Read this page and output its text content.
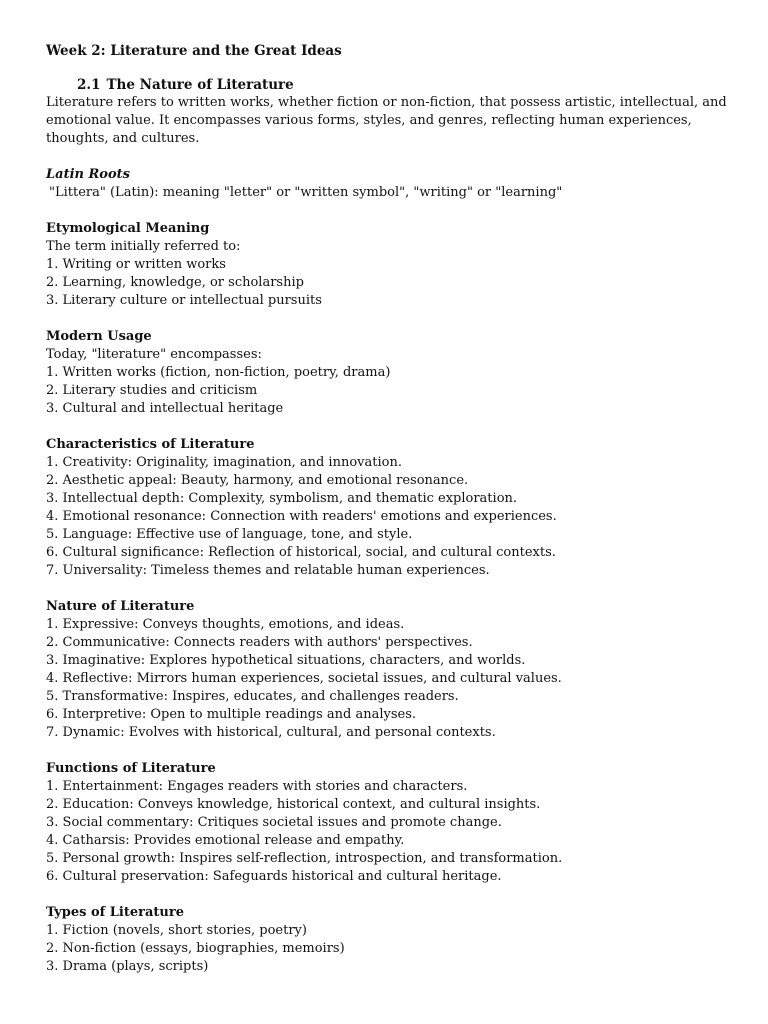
Week 2: Literature and the Great Ideas

2.1 The Nature of Literature

Literature refers to written works, whether fiction or non-fiction, that possess artistic, intellectual, and emotional value. It encompasses various forms, styles, and genres, reflecting human experiences, thoughts, and cultures.

Latin Roots

"Littera" (Latin): meaning "letter" or "written symbol", "writing" or "learning"

Etymological Meaning

The term initially referred to:

1. Writing or written works

2. Learning, knowledge, or scholarship

3. Literary culture or intellectual pursuits

Modern Usage

Today, "literature" encompasses:

1. Written works (fiction, non-fiction, poetry, drama)

2. Literary studies and criticism

3. Cultural and intellectual heritage

Characteristics of Literature

1. Creativity: Originality, imagination, and innovation.

2. Aesthetic appeal: Beauty, harmony, and emotional resonance.

3. Intellectual depth: Complexity, symbolism, and thematic exploration.

4. Emotional resonance: Connection with readers' emotions and experiences.

5. Language: Effective use of language, tone, and style.

6. Cultural significance: Reflection of historical, social, and cultural contexts.

7. Universality: Timeless themes and relatable human experiences.

Nature of Literature

1. Expressive: Conveys thoughts, emotions, and ideas.

2. Communicative: Connects readers with authors' perspectives.

3. Imaginative: Explores hypothetical situations, characters, and worlds.

4. Reflective: Mirrors human experiences, societal issues, and cultural values.

5. Transformative: Inspires, educates, and challenges readers.

6. Interpretive: Open to multiple readings and analyses.

7. Dynamic: Evolves with historical, cultural, and personal contexts.

Functions of Literature

1. Entertainment: Engages readers with stories and characters.

2. Education: Conveys knowledge, historical context, and cultural insights.

3. Social commentary: Critiques societal issues and promote change.

4. Catharsis: Provides emotional release and empathy.

5. Personal growth: Inspires self-reflection, introspection, and transformation.

6. Cultural preservation: Safeguards historical and cultural heritage.

Types of Literature

1. Fiction (novels, short stories, poetry)

2. Non-fiction (essays, biographies, memoirs)

3. Drama (plays, scripts)
